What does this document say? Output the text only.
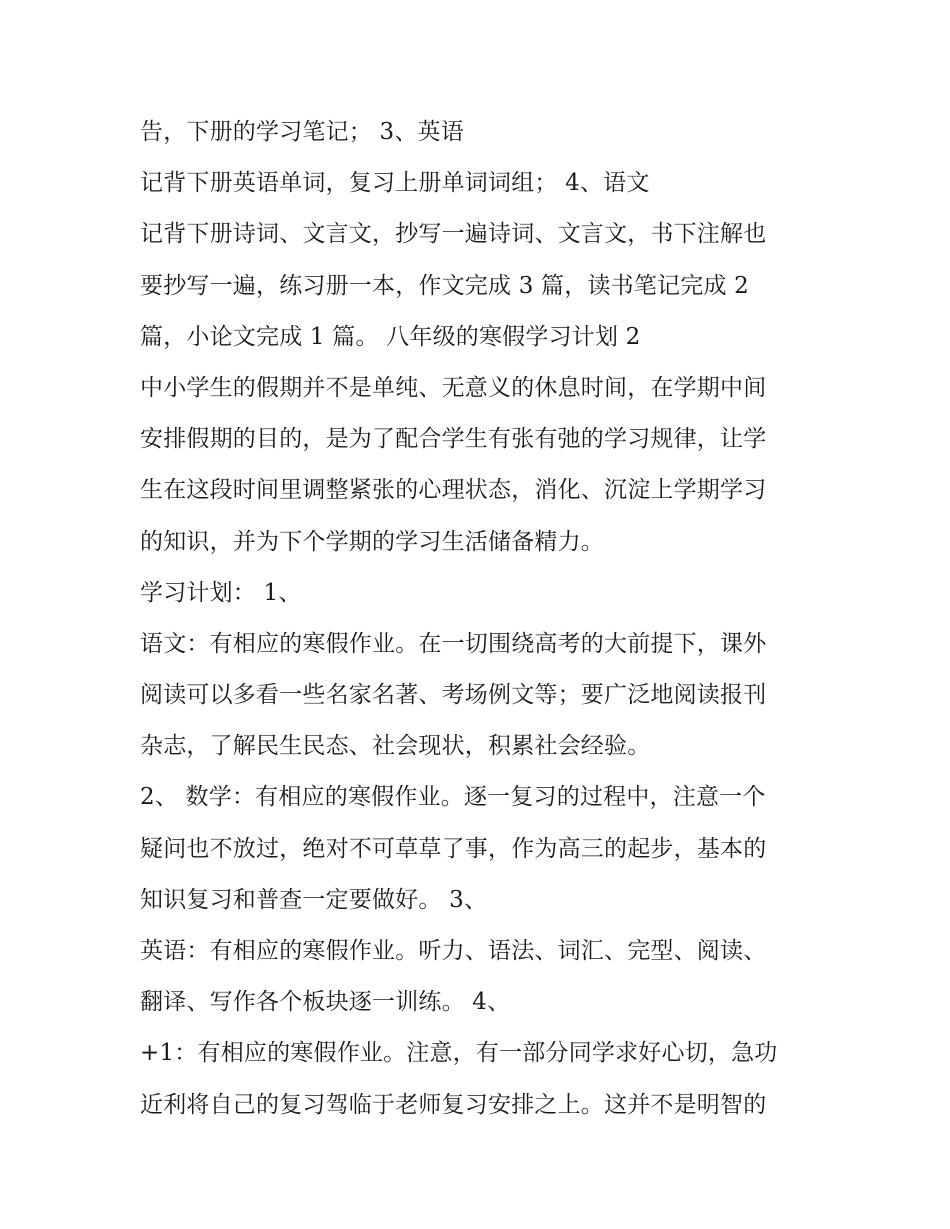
告，下册的学习笔记； 3、英语
记背下册英语单词，复习上册单词词组； 4、语文
记背下册诗词、文言文，抄写一遍诗词、文言文，书下注解也
要抄写一遍，练习册一本，作文完成 3 篇，读书笔记完成 2
篇，小论文完成 1 篇。 八年级的寒假学习计划 2
中小学生的假期并不是单纯、无意义的休息时间，在学期中间
安排假期的目的，是为了配合学生有张有弛的学习规律，让学
生在这段时间里调整紧张的心理状态，消化、沉淀上学期学习
的知识，并为下个学期的学习生活储备精力。
学习计划： 1、
语文：有相应的寒假作业。在一切围绕高考的大前提下，课外
阅读可以多看一些名家名著、考场例文等；要广泛地阅读报刊
杂志，了解民生民态、社会现状，积累社会经验。
2、 数学：有相应的寒假作业。逐一复习的过程中，注意一个
疑问也不放过，绝对不可草草了事，作为高三的起步，基本的
知识复习和普查一定要做好。 3、
英语：有相应的寒假作业。听力、语法、词汇、完型、阅读、
翻译、写作各个板块逐一训练。 4、
+1：有相应的寒假作业。注意，有一部分同学求好心切，急功
近利将自己的复习驾临于老师复习安排之上。这并不是明智的
